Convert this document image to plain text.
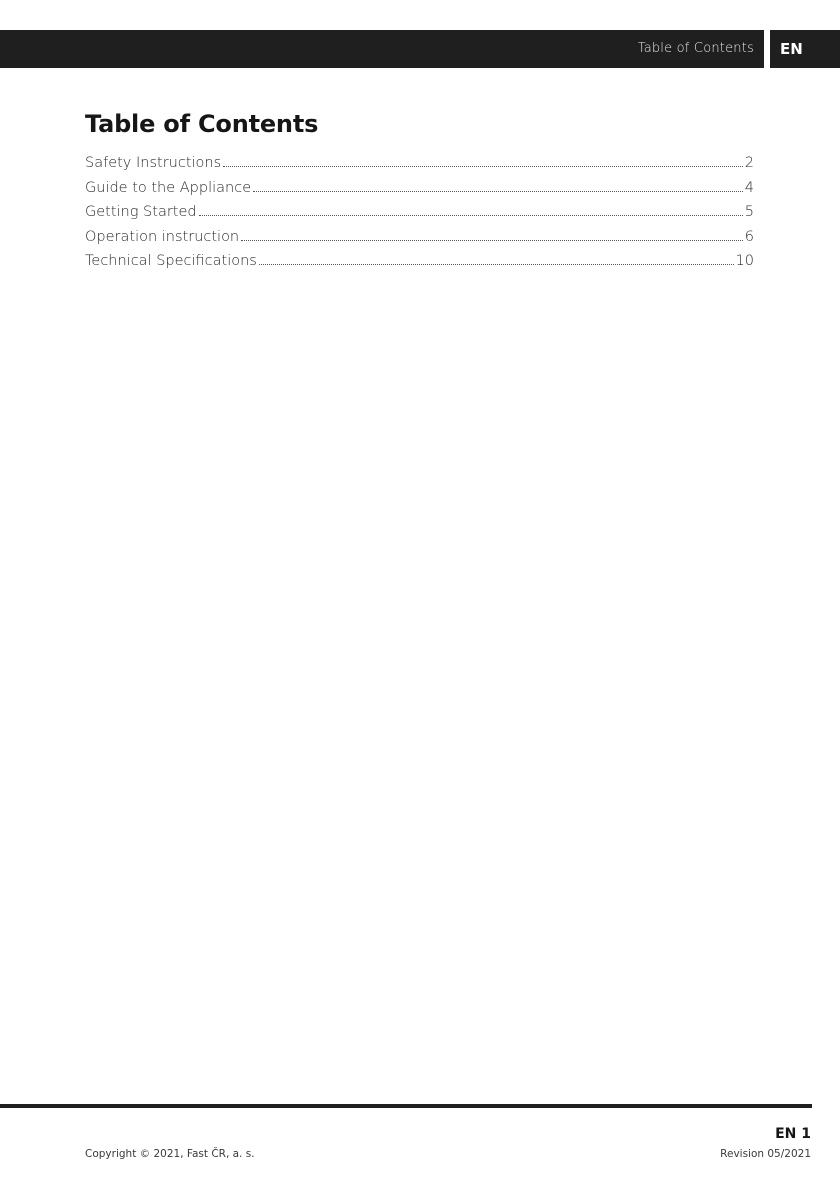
Table of Contents EN
Table of Contents
Safety Instructions	2
Guide to the Appliance	4
Getting Started	5
Operation instruction	6
Technical Specifications	10
EN 1
Copyright © 2021, Fast ČR, a. s.	Revision 05/2021
